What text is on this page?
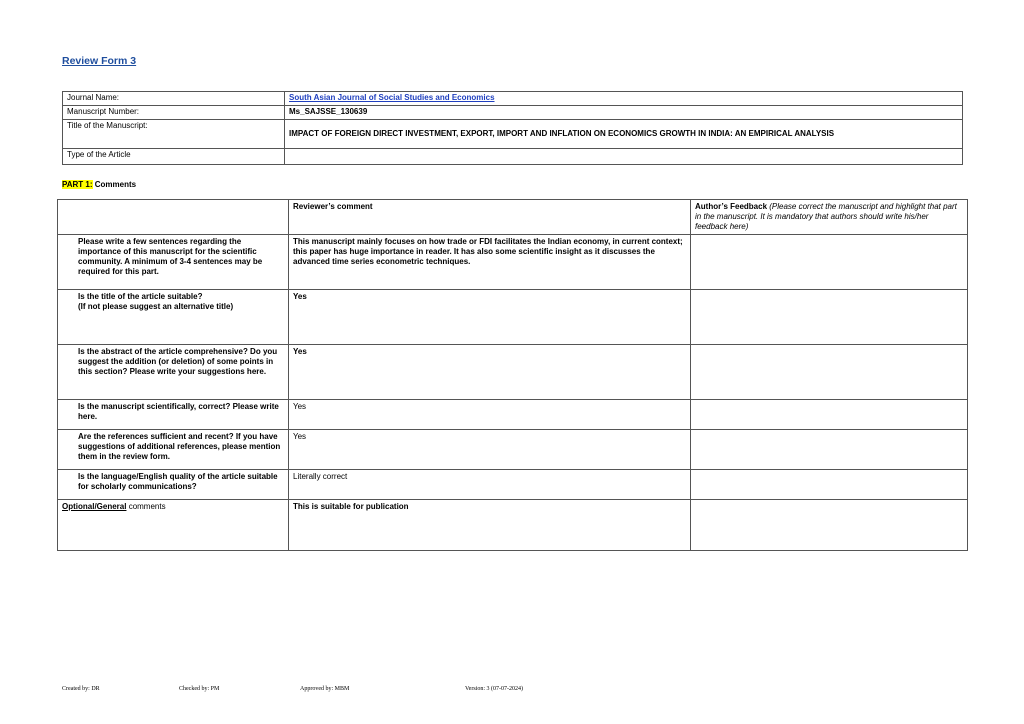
Review Form 3
Journal Name:	South Asian Journal of Social Studies and Economics
Manuscript Number:	Ms_SAJSSE_130639
Title of the Manuscript:	IMPACT OF FOREIGN DIRECT INVESTMENT, EXPORT, IMPORT AND INFLATION ON ECONOMICS GROWTH IN INDIA: AN EMPIRICAL ANALYSIS
Type of the Article	
PART 1: Comments
	Reviewer’s comment	Author’s Feedback (Please correct the manuscript and highlight that part in the manuscript. It is mandatory that authors should write his/her feedback here)
Please write a few sentences regarding the importance of this manuscript for the scientific community. A minimum of 3-4 sentences may be required for this part.	This manuscript mainly focuses on how trade or FDI facilitates the Indian economy, in current context; this paper has huge importance in reader. It has also some scientific insight as it discusses the advanced time series econometric techniques.	
Is the title of the article suitable?
(If not please suggest an alternative title)	Yes	
Is the abstract of the article comprehensive? Do you suggest the addition (or deletion) of some points in this section? Please write your suggestions here.	Yes	
Is the manuscript scientifically, correct? Please write here.	Yes	
Are the references sufficient and recent? If you have suggestions of additional references, please mention them in the review form.	Yes	
Is the language/English quality of the article suitable for scholarly communications?	Literally correct	
Optional/General comments	This is suitable for publication	
Created by: DR	Checked by: PM	Approved by: MBM	Version: 3 (07-07-2024)
